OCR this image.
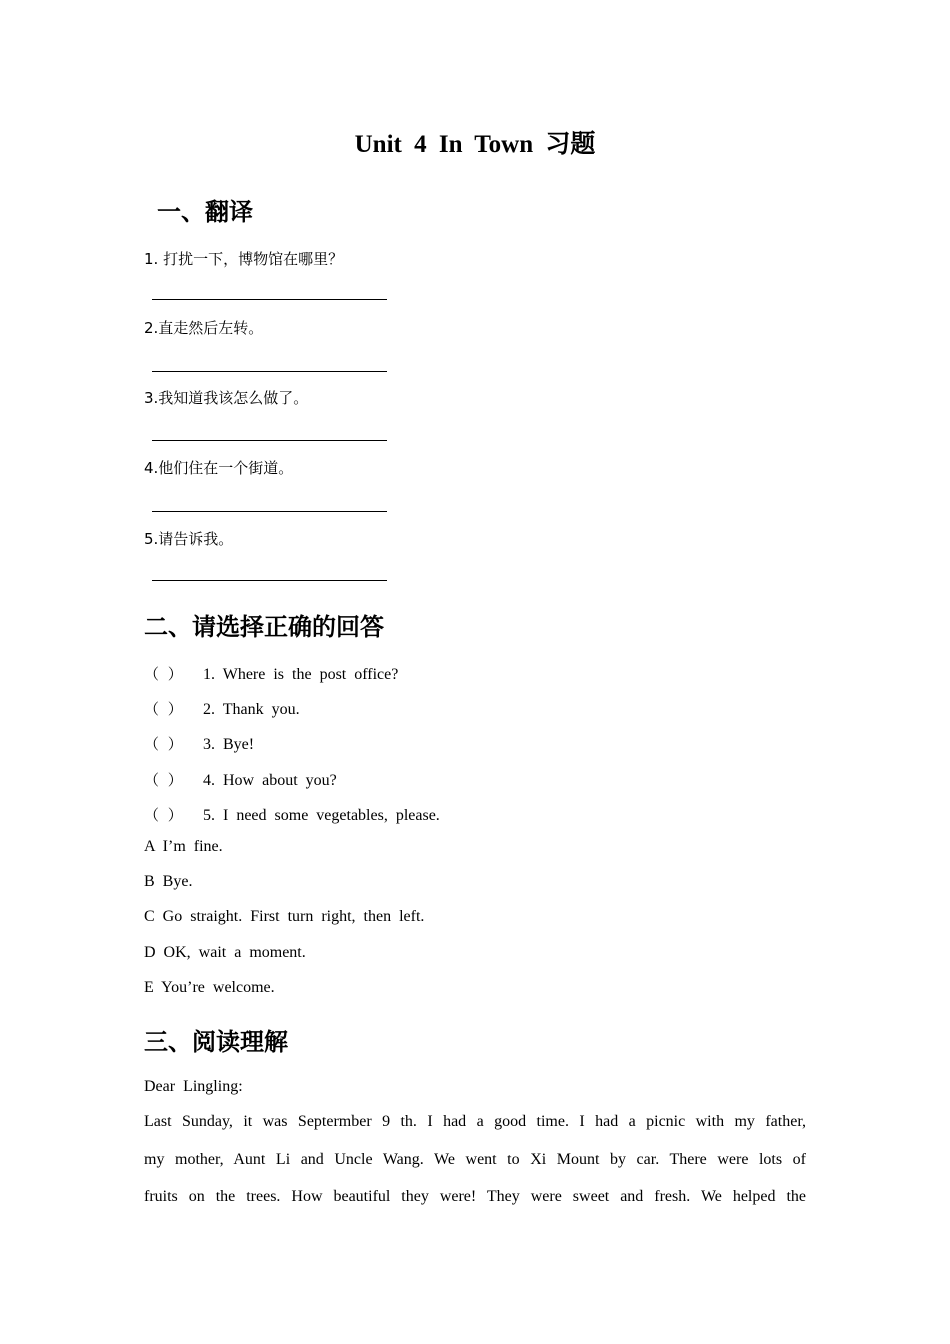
Unit 4 In Town 习题
一、翻译
1. 打扰一下，博物馆在哪里？
2.直走然后左转。
3.我知道我该怎么做了。
4.他们住在一个街道。
5.请告诉我。
二、请选择正确的回答
（ ） 1. Where is the post office?
（ ） 2. Thank you.
（ ） 3. Bye!
（ ） 4. How about you?
（ ） 5. I need some vegetables, please.
A I’m fine.
B Bye.
C Go straight. First turn right, then left.
D OK, wait a moment.
E You’re welcome.
三、阅读理解
Dear Lingling:
Last Sunday, it was Septermber 9 th. I had a good time. I had a picnic with my father,
my mother, Aunt Li and Uncle Wang. We went to Xi Mount by car. There were lots of
fruits on the trees. How beautiful they were! They were sweet and fresh. We helped the
